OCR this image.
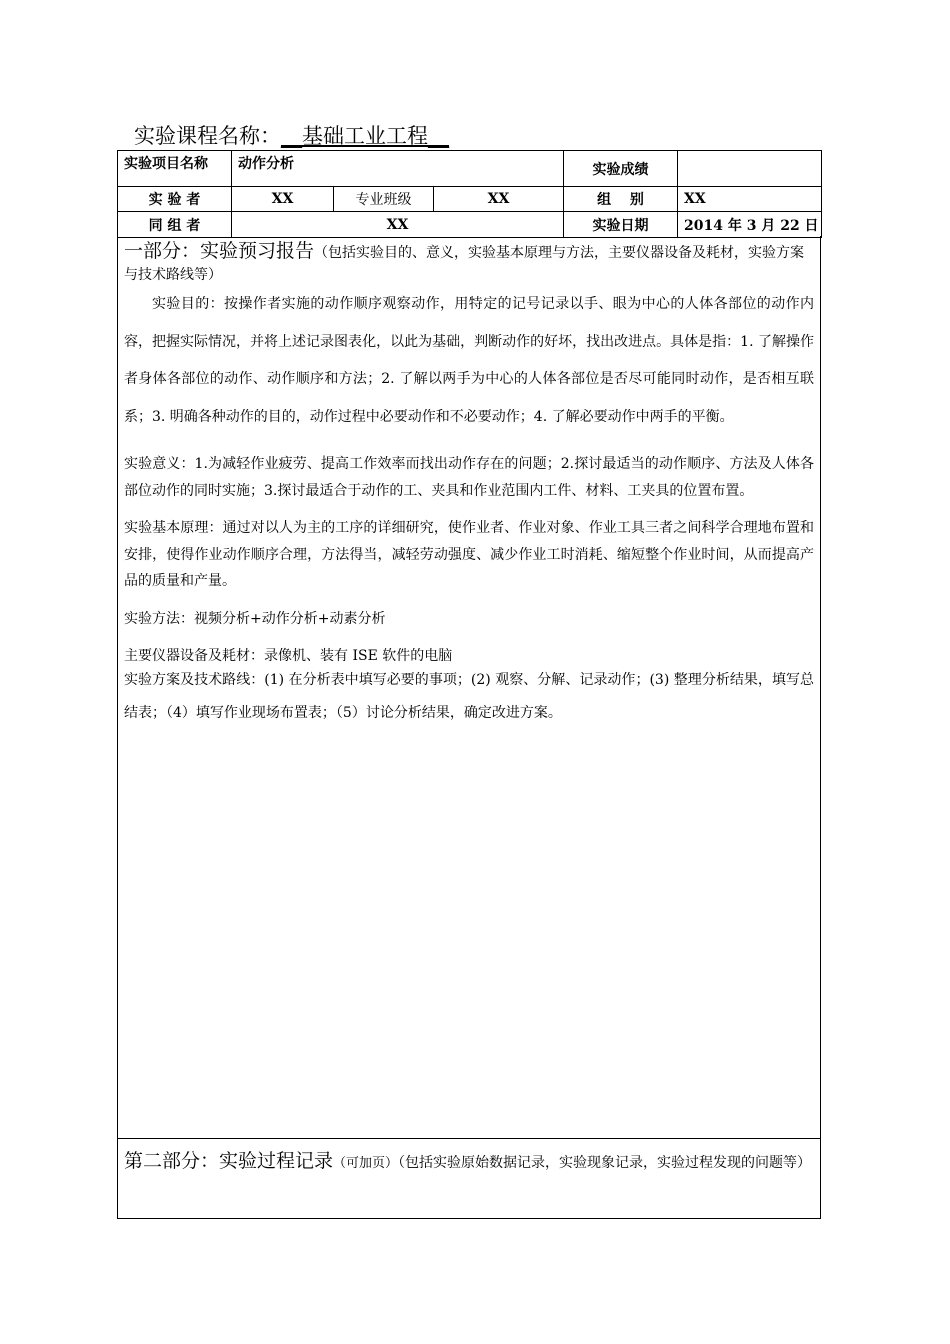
实验课程名称：__基础工业工程__
实验项目名称	动作分析			实验成绩	
实 验 者	XX	专业班级	XX	组　 别	XX
同 组 者	XX			实验日期	2014 年 3 月 22 日
一部分：实验预习报告（包括实验目的、意义，实验基本原理与方法，主要仪器设备及耗材，实验方案与技术路线等）

实验目的：按操作者实施的动作顺序观察动作，用特定的记号记录以手、眼为中心的人体各部位的动作内容，把握实际情况，并将上述记录图表化，以此为基础，判断动作的好坏，找出改进点。具体是指：1. 了解操作者身体各部位的动作、动作顺序和方法；2. 了解以两手为中心的人体各部位是否尽可能同时动作，是否相互联系；3. 明确各种动作的目的，动作过程中必要动作和不必要动作；4. 了解必要动作中两手的平衡。

实验意义：1.为减轻作业疲劳、提高工作效率而找出动作存在的问题；2.探讨最适当的动作顺序、方法及人体各部位动作的同时实施；3.探讨最适合于动作的工、夹具和作业范围内工件、材料、工夹具的位置布置。

实验基本原理：通过对以人为主的工序的详细研究，使作业者、作业对象、作业工具三者之间科学合理地布置和安排，使得作业动作顺序合理，方法得当，减轻劳动强度、减少作业工时消耗、缩短整个作业时间，从而提高产品的质量和产量。

实验方法：视频分析+动作分析+动素分析

主要仪器设备及耗材：录像机、装有 ISE 软件的电脑

实验方案及技术路线：(1) 在分析表中填写必要的事项；(2) 观察、分解、记录动作；(3) 整理分析结果，填写总结表；（4）填写作业现场布置表；（5）讨论分析结果，确定改进方案。

第二部分：实验过程记录（可加页）（包括实验原始数据记录，实验现象记录，实验过程发现的问题等）
